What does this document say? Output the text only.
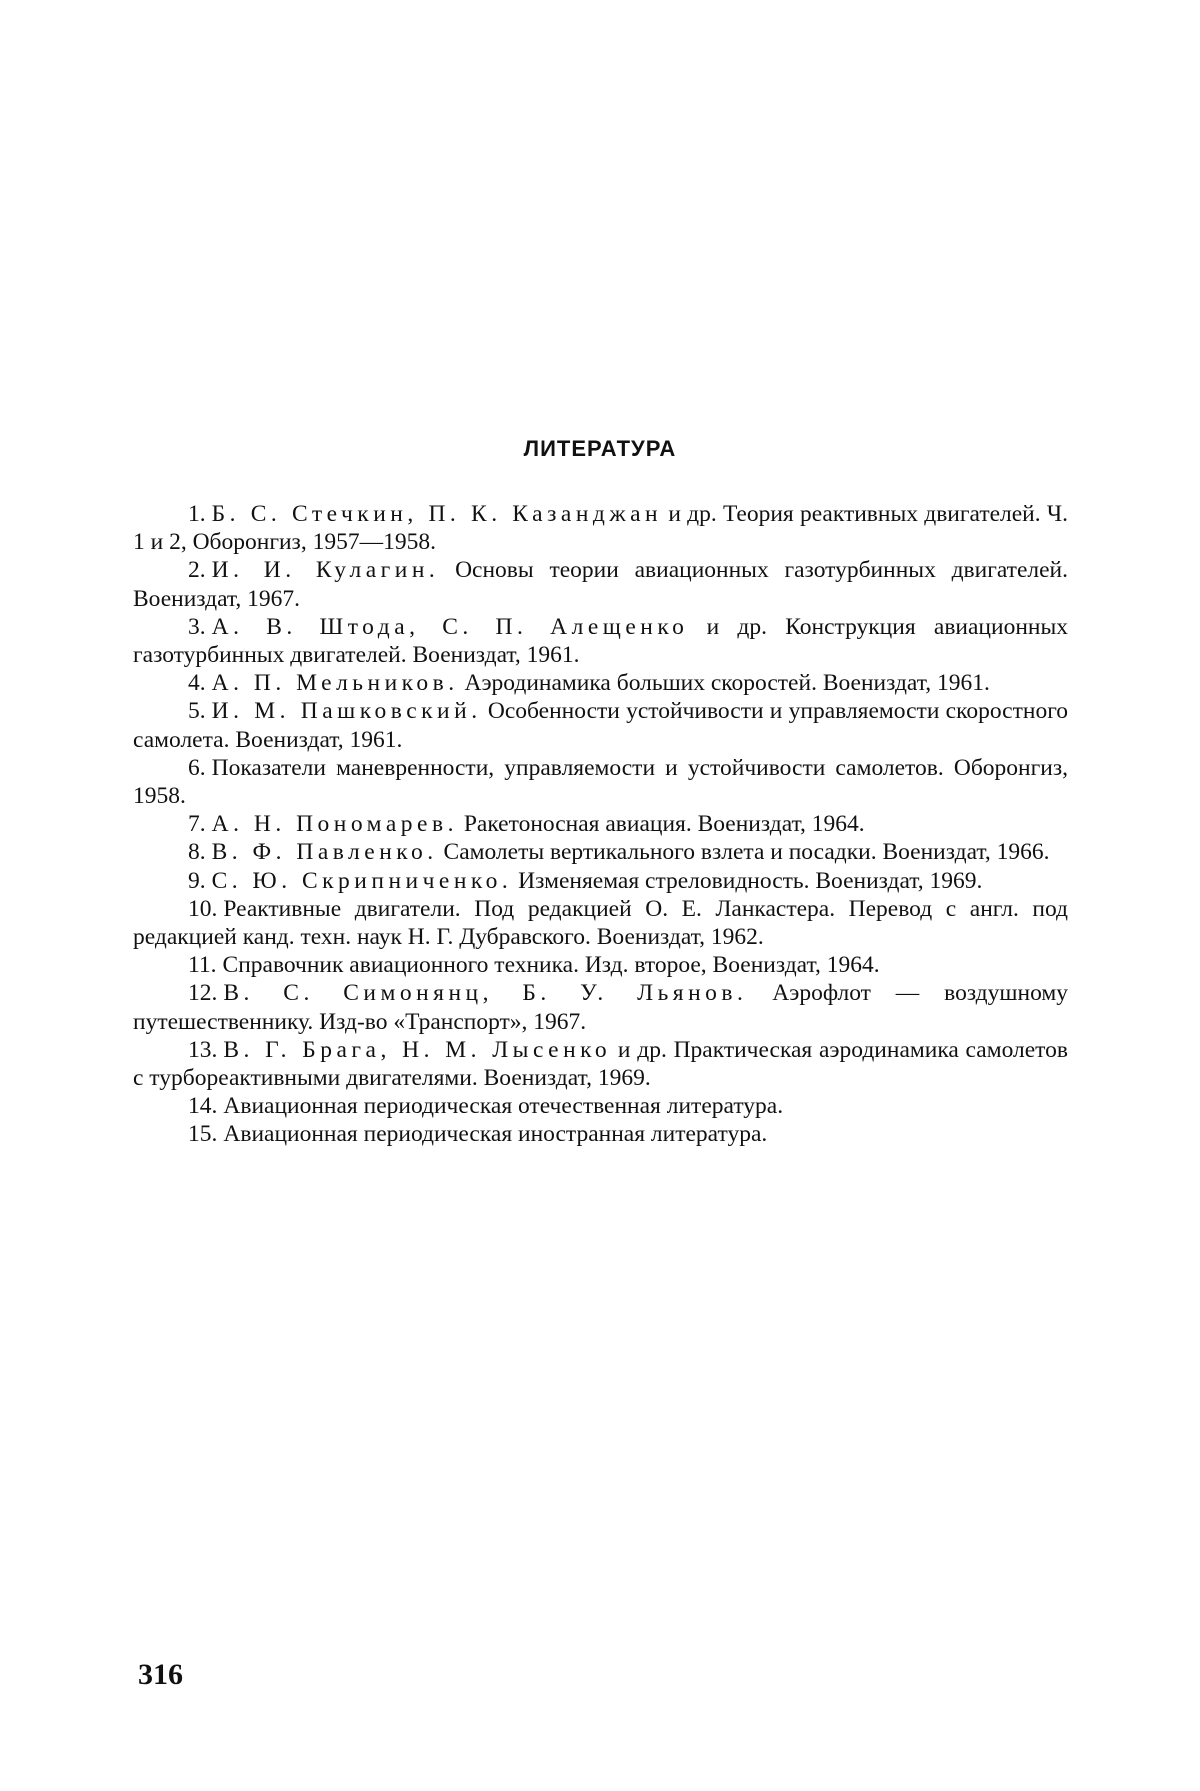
ЛИТЕРАТУРА
1. Б. С. Стечкин, П. К. Казанджан и др. Теория реактивных двигателей. Ч. 1 и 2, Оборонгиз, 1957—1958.
2. И. И. Кулагин. Основы теории авиационных газотурбинных двигателей. Воениздат, 1967.
3. А. В. Штода, С. П. Алещенко и др. Конструкция авиационных газотурбинных двигателей. Воениздат, 1961.
4. А. П. Мельников. Аэродинамика больших скоростей. Воениздат, 1961.
5. И. М. Пашковский. Особенности устойчивости и управляемости скоростного самолета. Воениздат, 1961.
6. Показатели маневренности, управляемости и устойчивости самолетов. Оборонгиз, 1958.
7. А. Н. Пономарев. Ракетоносная авиация. Воениздат, 1964.
8. В. Ф. Павленко. Самолеты вертикального взлета и посадки. Воениздат, 1966.
9. С. Ю. Скрипниченко. Изменяемая стреловидность. Воениздат, 1969.
10. Реактивные двигатели. Под редакцией О. Е. Ланкастера. Перевод с англ. под редакцией канд. техн. наук Н. Г. Дубравского. Воениздат, 1962.
11. Справочник авиационного техника. Изд. второе, Воениздат, 1964.
12. В. С. Симонянц, Б. У. Льянов. Аэрофлот — воздушному путешественнику. Изд-во «Транспорт», 1967.
13. В. Г. Брага, Н. М. Лысенко и др. Практическая аэродинамика самолетов с турбореактивными двигателями. Воениздат, 1969.
14. Авиационная периодическая отечественная литература.
15. Авиационная периодическая иностранная литература.
316
